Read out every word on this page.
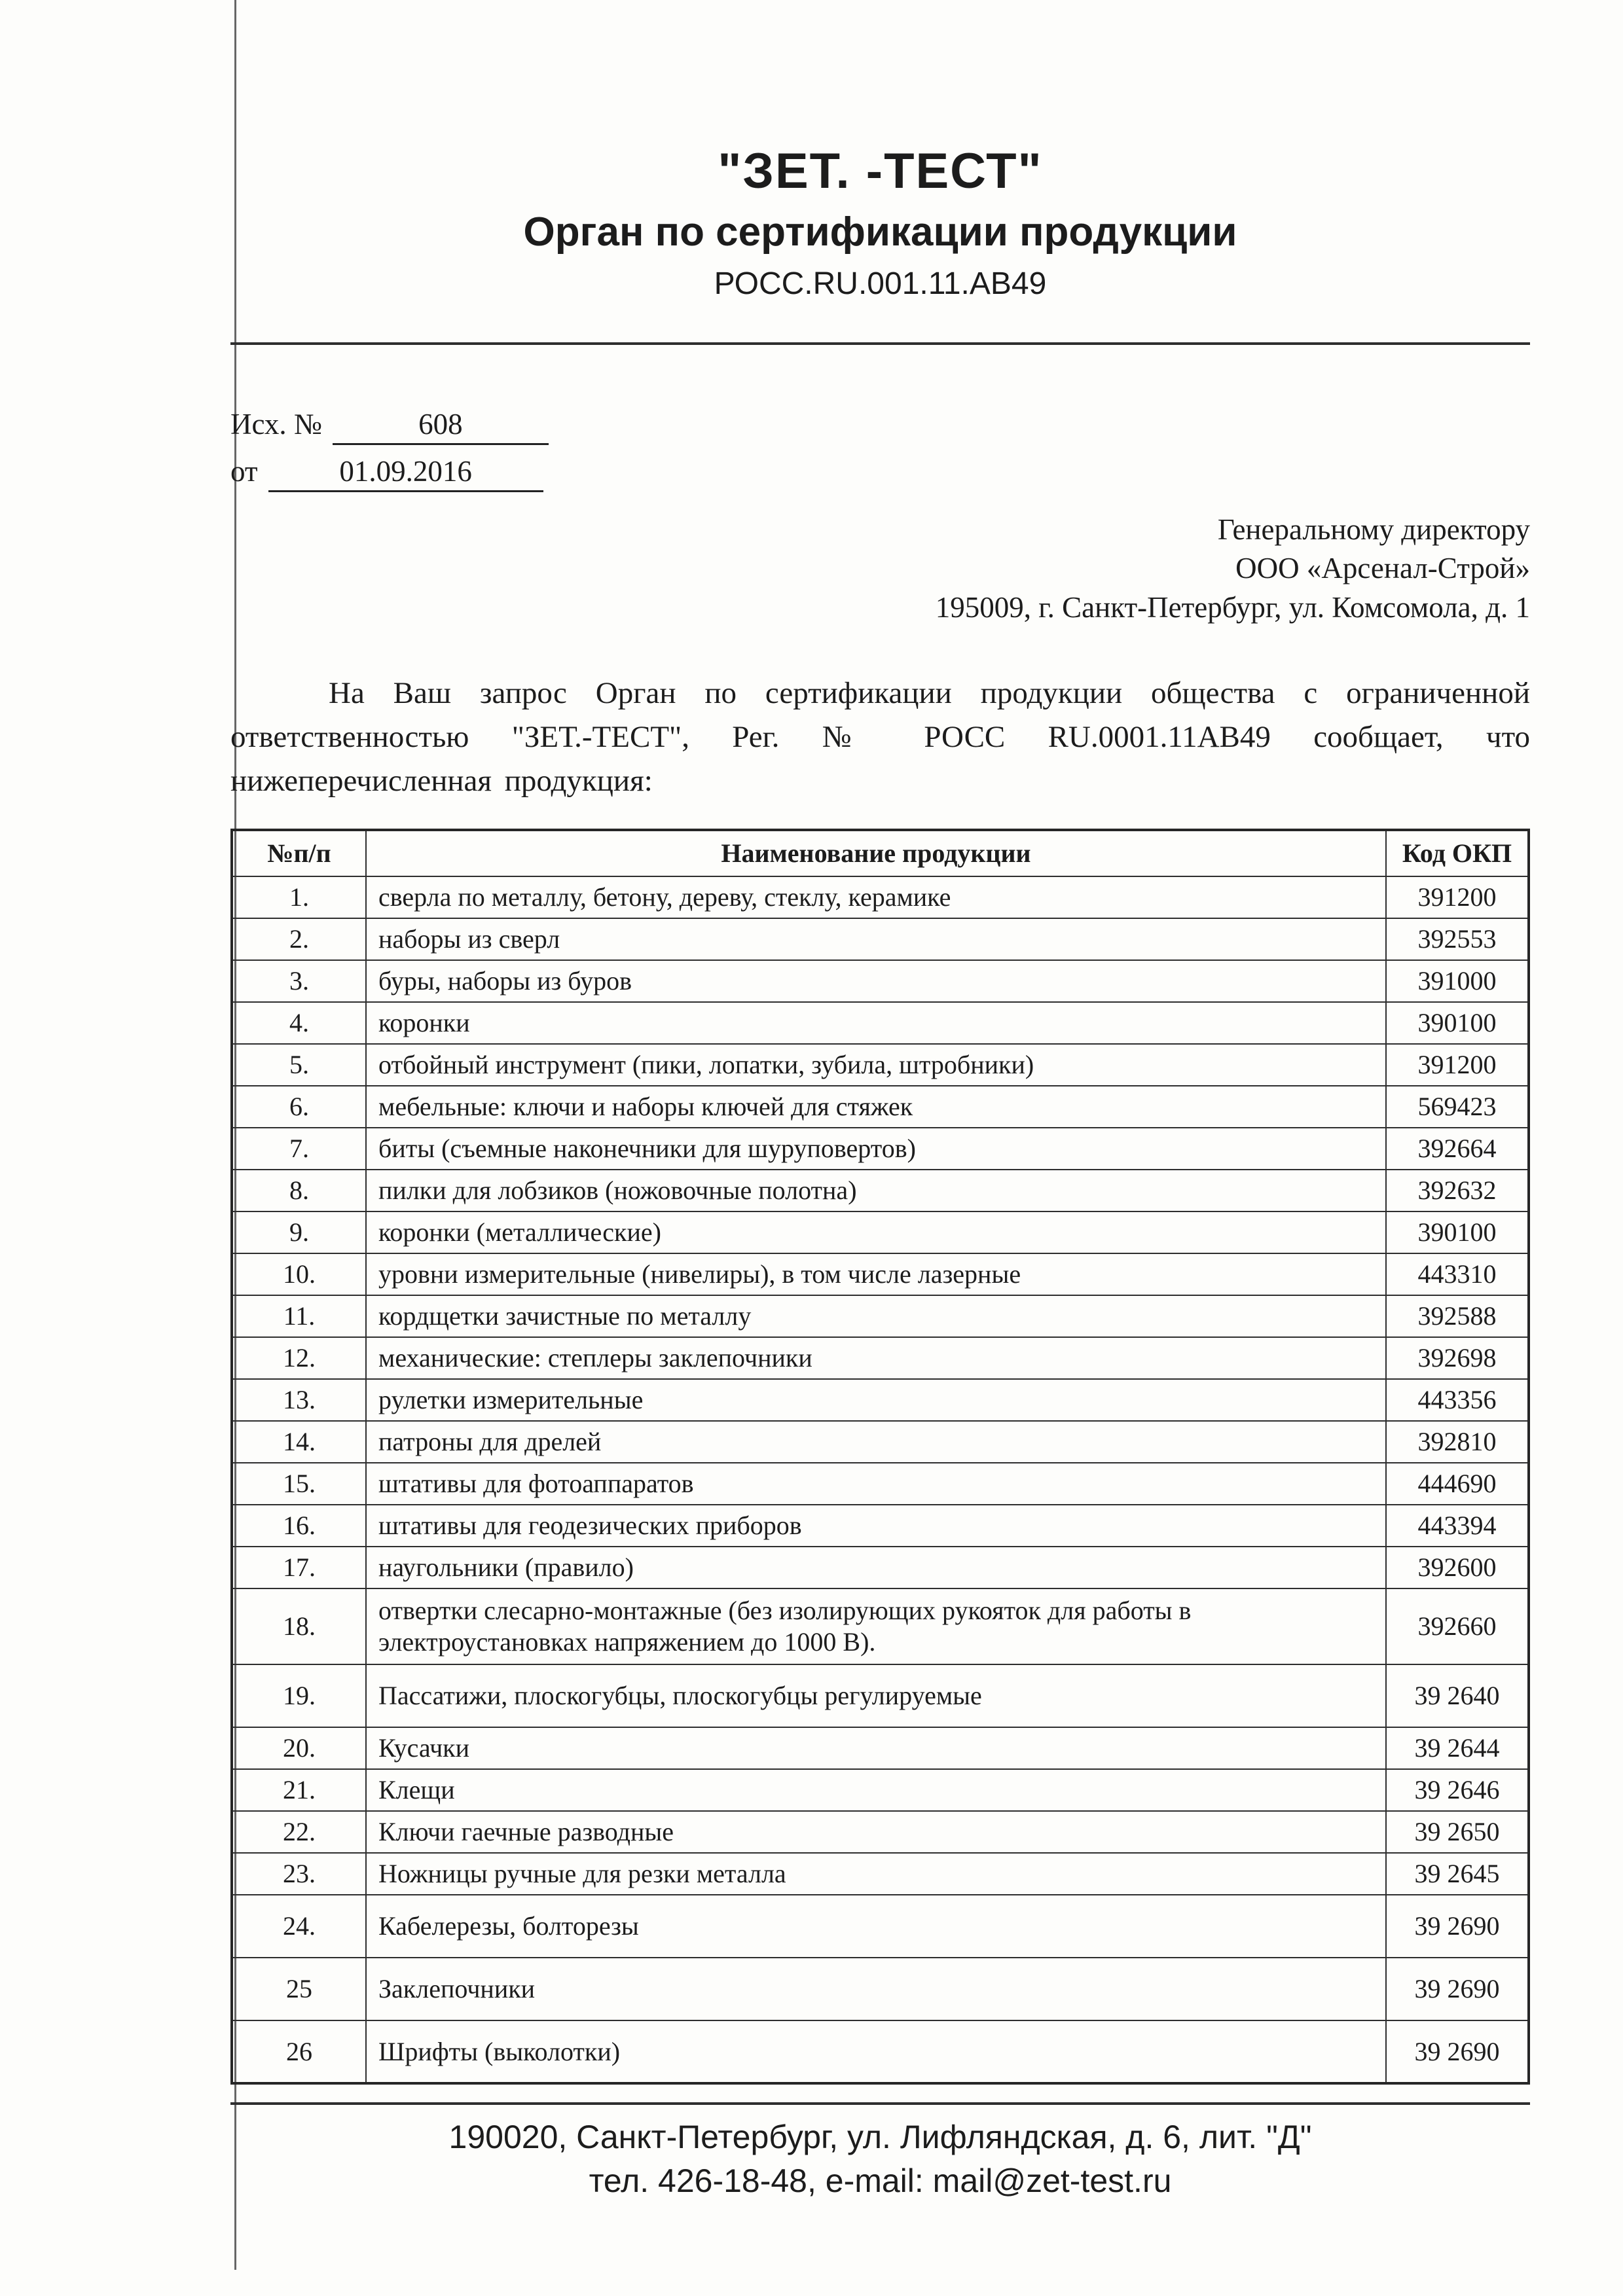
"ЗЕТ. -ТЕСТ"
Орган по сертификации продукции
РОСС.RU.001.11.АВ49
Исх. №	608
от	01.09.2016
Генеральному директору
ООО «Арсенал-Строй»
195009, г. Санкт-Петербург, ул. Комсомола, д. 1

На Ваш запрос Орган по сертификации продукции общества с ограниченной ответственностью "ЗЕТ.-ТЕСТ", Рег. № РОСС RU.0001.11АВ49 сообщает, что нижеперечисленная продукция:

№п/п	Наименование продукции	Код ОКП
1.	сверла по металлу, бетону, дереву, стеклу, керамике	391200
2.	наборы из сверл	392553
3.	буры, наборы из буров	391000
4.	коронки	390100
5.	отбойный инструмент (пики, лопатки, зубила, штробники)	391200
6.	мебельные: ключи и наборы ключей для стяжек	569423
7.	биты (съемные наконечники для шуруповертов)	392664
8.	пилки для лобзиков (ножовочные полотна)	392632
9.	коронки (металлические)	390100
10.	уровни измерительные (нивелиры), в том числе лазерные	443310
11.	кордщетки зачистные по металлу	392588
12.	механические: степлеры заклепочники	392698
13.	рулетки измерительные	443356
14.	патроны для дрелей	392810
15.	штативы для фотоаппаратов	444690
16.	штативы для геодезических приборов	443394
17.	наугольники (правило)	392600
18.	отвертки слесарно-монтажные (без изолирующих рукояток для работы в электроустановках напряжением до 1000 В).	392660
19.	Пассатижи, плоскогубцы, плоскогубцы регулируемые	39 2640
20.	Кусачки	39 2644
21.	Клещи	39 2646
22.	Ключи гаечные разводные	39 2650
23.	Ножницы ручные для резки металла	39 2645
24.	Кабелерезы, болторезы	39 2690
25	Заклепочники	39 2690
26	Шрифты (выколотки)	39 2690
190020, Санкт-Петербург, ул. Лифляндская, д. 6, лит. "Д"
тел. 426-18-48, e-mail: mail@zet-test.ru
